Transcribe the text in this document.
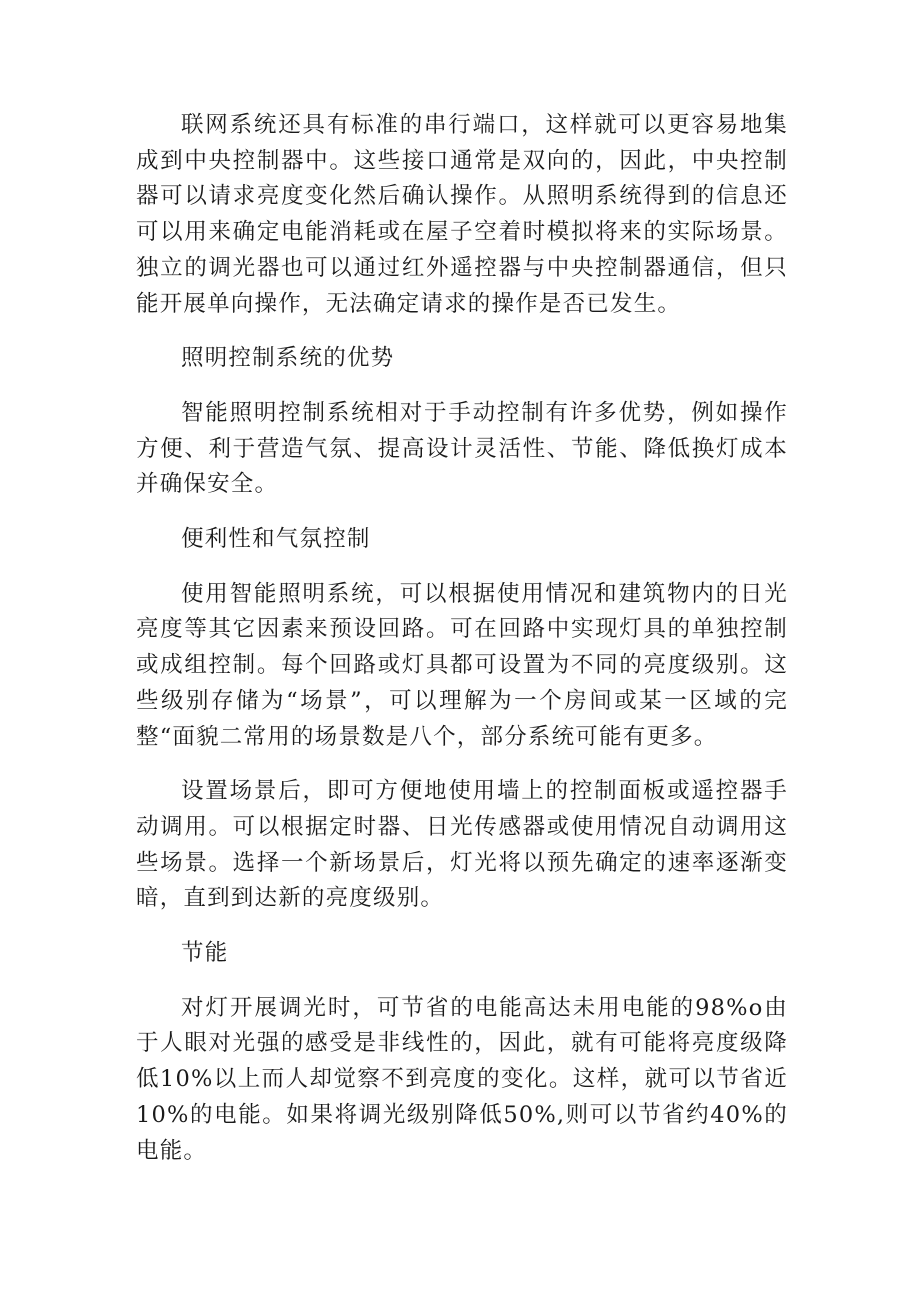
联网系统还具有标准的串行端口，这样就可以更容易地集成到中央控制器中。这些接口通常是双向的，因此，中央控制器可以请求亮度变化然后确认操作。从照明系统得到的信息还可以用来确定电能消耗或在屋子空着时模拟将来的实际场景。独立的调光器也可以通过红外遥控器与中央控制器通信，但只能开展单向操作，无法确定请求的操作是否已发生。

照明控制系统的优势

智能照明控制系统相对于手动控制有许多优势，例如操作方便、利于营造气氛、提高设计灵活性、节能、降低换灯成本并确保安全。

便利性和气氛控制

使用智能照明系统，可以根据使用情况和建筑物内的日光亮度等其它因素来预设回路。可在回路中实现灯具的单独控制或成组控制。每个回路或灯具都可设置为不同的亮度级别。这些级别存储为“场景”，可以理解为一个房间或某一区域的完整“面貌二常用的场景数是八个，部分系统可能有更多。

设置场景后，即可方便地使用墙上的控制面板或遥控器手动调用。可以根据定时器、日光传感器或使用情况自动调用这些场景。选择一个新场景后，灯光将以预先确定的速率逐渐变暗，直到到达新的亮度级别。

节能

对灯开展调光时，可节省的电能高达未用电能的98%o由于人眼对光强的感受是非线性的，因此，就有可能将亮度级降低10%以上而人却觉察不到亮度的变化。这样，就可以节省近10%的电能。如果将调光级别降低50%,则可以节省约40%的电能。
